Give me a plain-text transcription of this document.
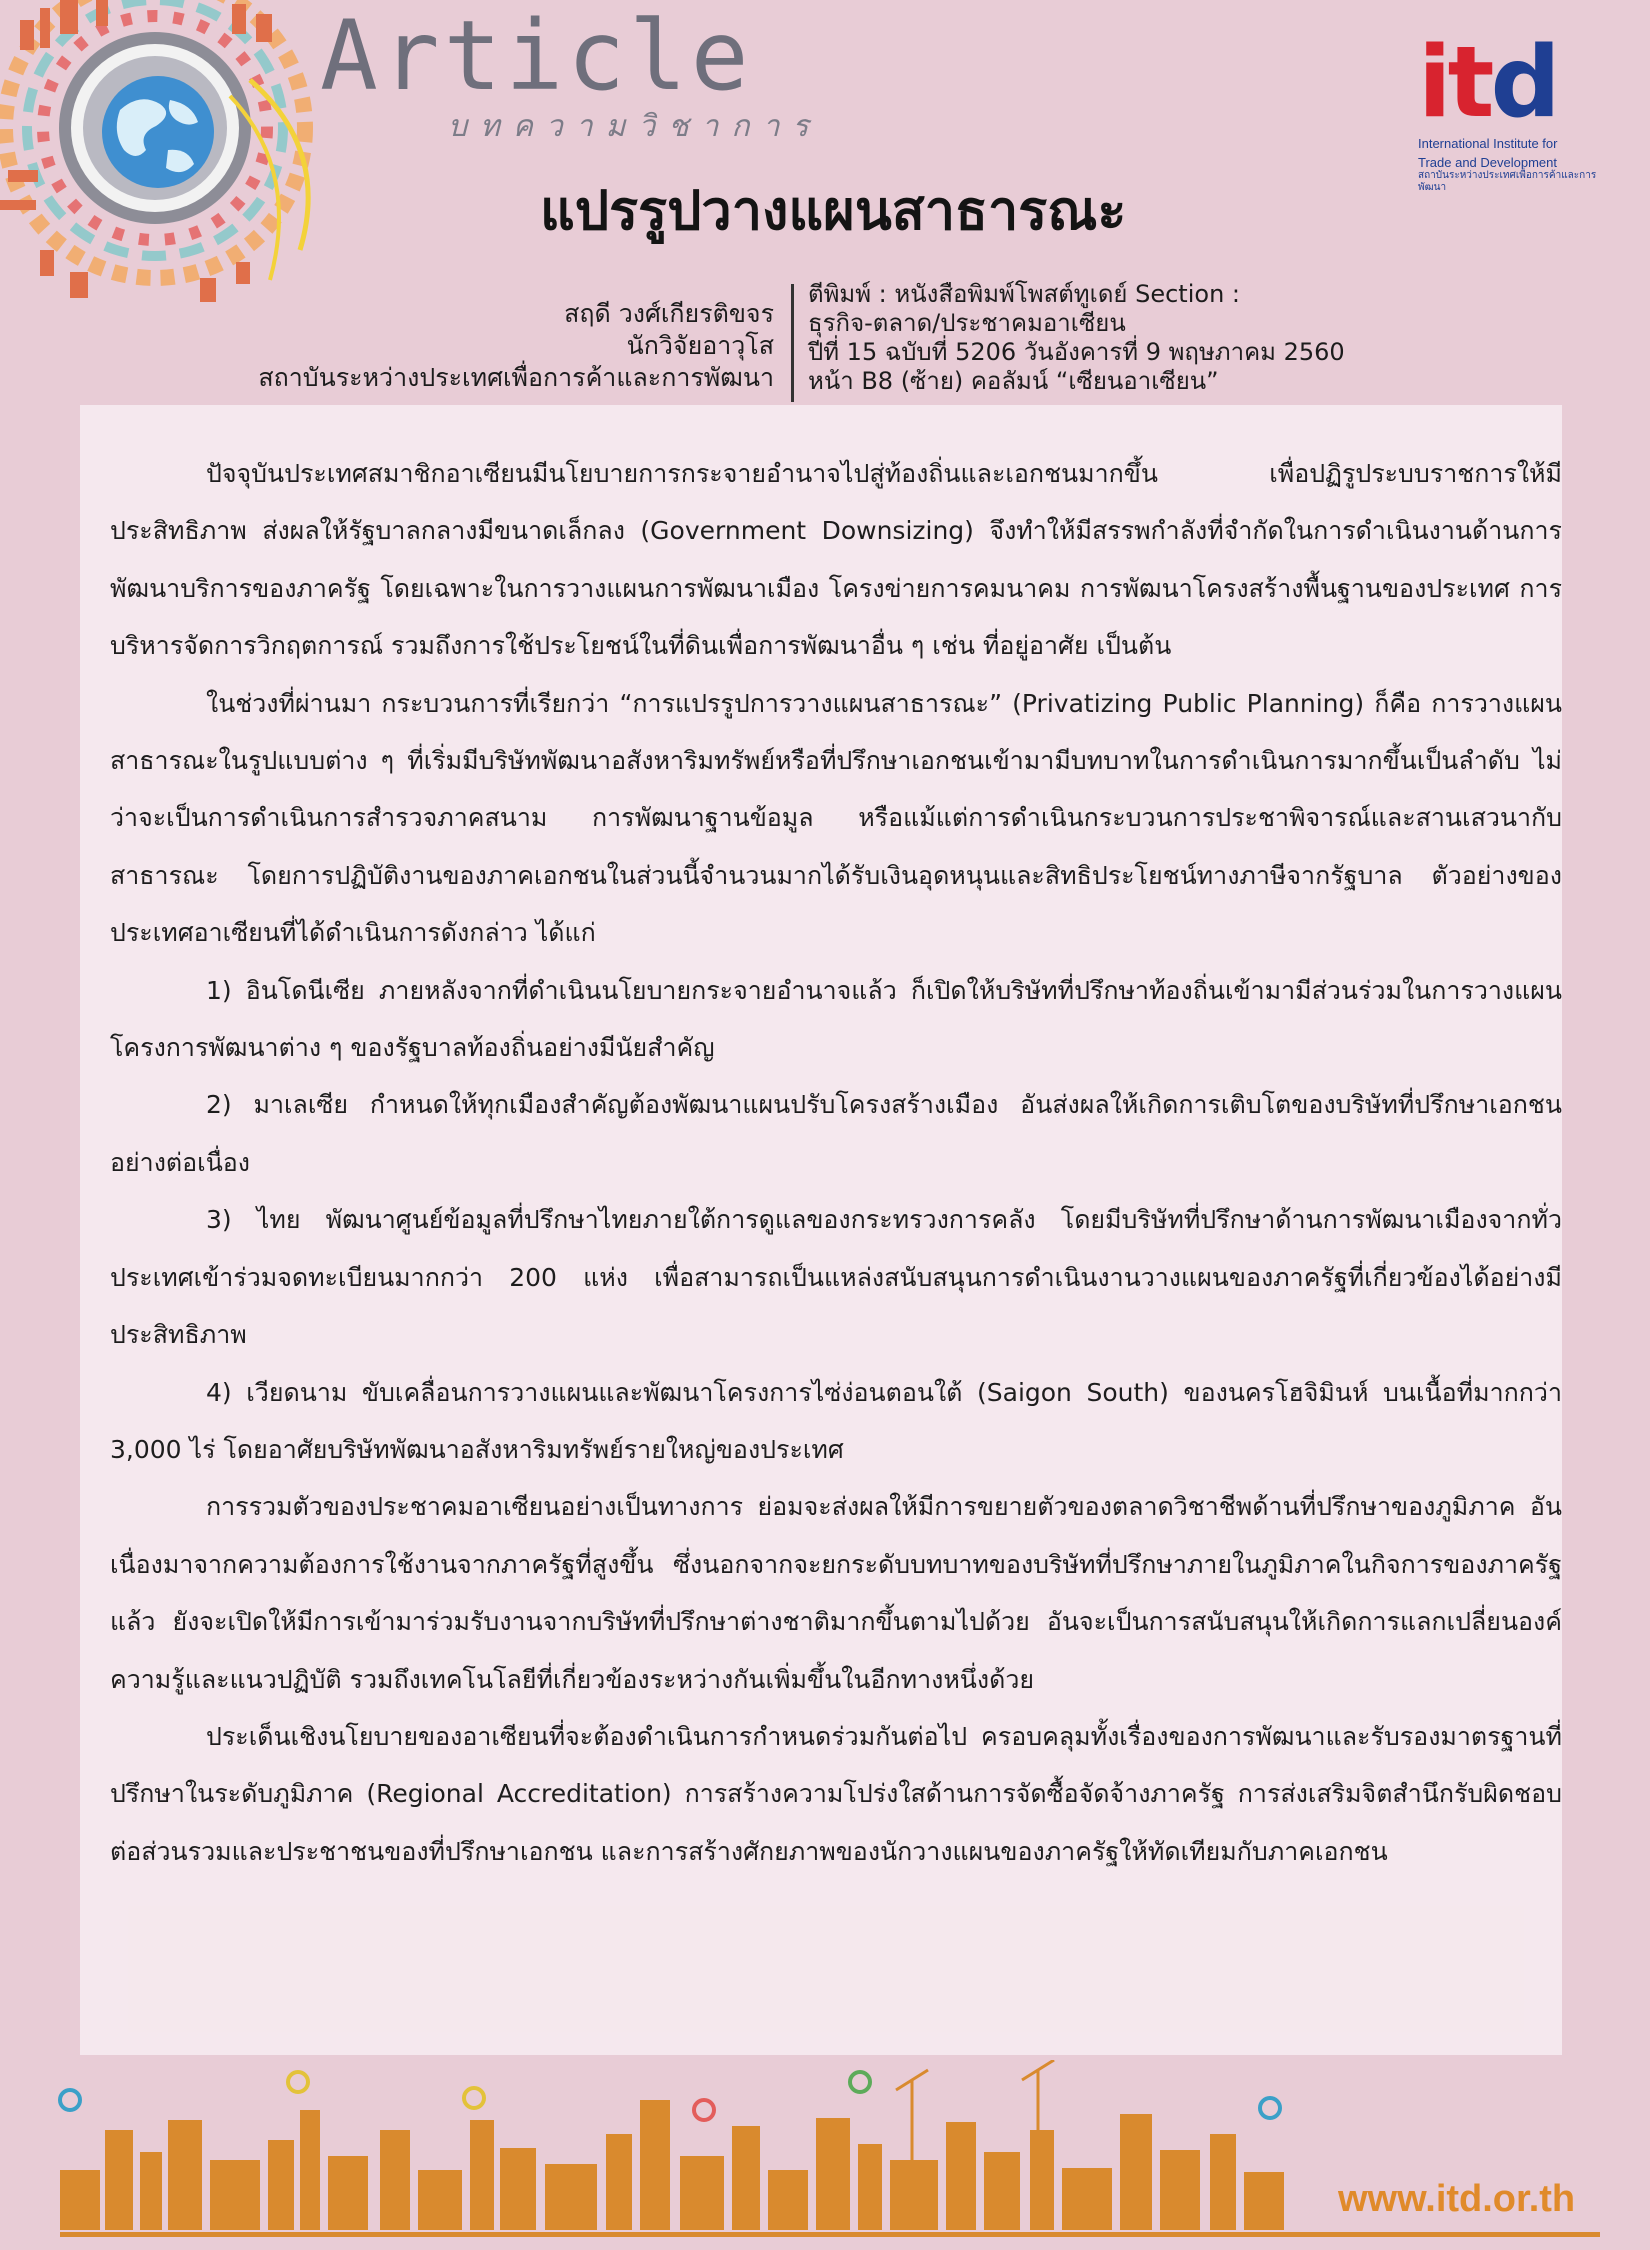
Article
บทความวิชาการ	itd
International Institute for
Trade and Development
สถาบันระหว่างประเทศเพื่อการค้าและการพัฒนา
แปรรูปวางแผนสาธารณะ
สฤดี วงศ์เกียรติขจร
นักวิจัยอาวุโส
สถาบันระหว่างประเทศเพื่อการค้าและการพัฒนา
ตีพิมพ์ : หนังสือพิมพ์โพสต์ทูเดย์ Section :
ธุรกิจ-ตลาด/ประชาคมอาเซียน
ปีที่ 15 ฉบับที่ 5206 วันอังคารที่ 9 พฤษภาคม 2560
หน้า B8 (ซ้าย) คอลัมน์ “เซียนอาเซียน”

ปัจจุบันประเทศสมาชิกอาเซียนมีนโยบายการกระจายอำนาจไปสู่ท้องถิ่นและเอกชนมากขึ้น เพื่อปฏิรูประบบราชการให้มีประสิทธิภาพ ส่งผลให้รัฐบาลกลางมีขนาดเล็กลง (Government Downsizing) จึงทำให้มีสรรพกำลังที่จำกัดในการดำเนินงานด้านการพัฒนาบริการของภาครัฐ โดยเฉพาะในการวางแผนการพัฒนาเมือง โครงข่ายการคมนาคม การพัฒนาโครงสร้างพื้นฐานของประเทศ การบริหารจัดการวิกฤตการณ์ รวมถึงการใช้ประโยชน์ในที่ดินเพื่อการพัฒนาอื่น ๆ เช่น ที่อยู่อาศัย เป็นต้น

ในช่วงที่ผ่านมา กระบวนการที่เรียกว่า “การแปรรูปการวางแผนสาธารณะ” (Privatizing Public Planning) ก็คือ การวางแผนสาธารณะในรูปแบบต่าง ๆ ที่เริ่มมีบริษัทพัฒนาอสังหาริมทรัพย์หรือที่ปรึกษาเอกชนเข้ามามีบทบาทในการดำเนินการมากขึ้นเป็นลำดับ ไม่ว่าจะเป็นการดำเนินการสำรวจภาคสนาม การพัฒนาฐานข้อมูล หรือแม้แต่การดำเนินกระบวนการประชาพิจารณ์และสานเสวนากับสาธารณะ โดยการปฏิบัติงานของภาคเอกชนในส่วนนี้จำนวนมากได้รับเงินอุดหนุนและสิทธิประโยชน์ทางภาษีจากรัฐบาล ตัวอย่างของประเทศอาเซียนที่ได้ดำเนินการดังกล่าว ได้แก่

1) อินโดนีเซีย ภายหลังจากที่ดำเนินนโยบายกระจายอำนาจแล้ว ก็เปิดให้บริษัทที่ปรึกษาท้องถิ่นเข้ามามีส่วนร่วมในการวางแผนโครงการพัฒนาต่าง ๆ ของรัฐบาลท้องถิ่นอย่างมีนัยสำคัญ

2) มาเลเซีย กำหนดให้ทุกเมืองสำคัญต้องพัฒนาแผนปรับโครงสร้างเมือง อันส่งผลให้เกิดการเติบโตของบริษัทที่ปรึกษาเอกชนอย่างต่อเนื่อง

3) ไทย พัฒนาศูนย์ข้อมูลที่ปรึกษาไทยภายใต้การดูแลของกระทรวงการคลัง โดยมีบริษัทที่ปรึกษาด้านการพัฒนาเมืองจากทั่วประเทศเข้าร่วมจดทะเบียนมากกว่า 200 แห่ง เพื่อสามารถเป็นแหล่งสนับสนุนการดำเนินงานวางแผนของภาครัฐที่เกี่ยวข้องได้อย่างมีประสิทธิภาพ

4) เวียดนาม ขับเคลื่อนการวางแผนและพัฒนาโครงการไซ่ง่อนตอนใต้ (Saigon South) ของนครโฮจิมินห์ บนเนื้อที่มากกว่า 3,000 ไร่ โดยอาศัยบริษัทพัฒนาอสังหาริมทรัพย์รายใหญ่ของประเทศ

การรวมตัวของประชาคมอาเซียนอย่างเป็นทางการ ย่อมจะส่งผลให้มีการขยายตัวของตลาดวิชาชีพด้านที่ปรึกษาของภูมิภาค อันเนื่องมาจากความต้องการใช้งานจากภาครัฐที่สูงขึ้น ซึ่งนอกจากจะยกระดับบทบาทของบริษัทที่ปรึกษาภายในภูมิภาคในกิจการของภาครัฐแล้ว ยังจะเปิดให้มีการเข้ามาร่วมรับงานจากบริษัทที่ปรึกษาต่างชาติมากขึ้นตามไปด้วย อันจะเป็นการสนับสนุนให้เกิดการแลกเปลี่ยนองค์ความรู้และแนวปฏิบัติ รวมถึงเทคโนโลยีที่เกี่ยวข้องระหว่างกันเพิ่มขึ้นในอีกทางหนึ่งด้วย

ประเด็นเชิงนโยบายของอาเซียนที่จะต้องดำเนินการกำหนดร่วมกันต่อไป ครอบคลุมทั้งเรื่องของการพัฒนาและรับรองมาตรฐานที่ปรึกษาในระดับภูมิภาค (Regional Accreditation) การสร้างความโปร่งใสด้านการจัดซื้อจัดจ้างภาครัฐ การส่งเสริมจิตสำนึกรับผิดชอบต่อส่วนรวมและประชาชนของที่ปรึกษาเอกชน และการสร้างศักยภาพของนักวางแผนของภาครัฐให้ทัดเทียมกับภาคเอกชน

www.itd.or.th
